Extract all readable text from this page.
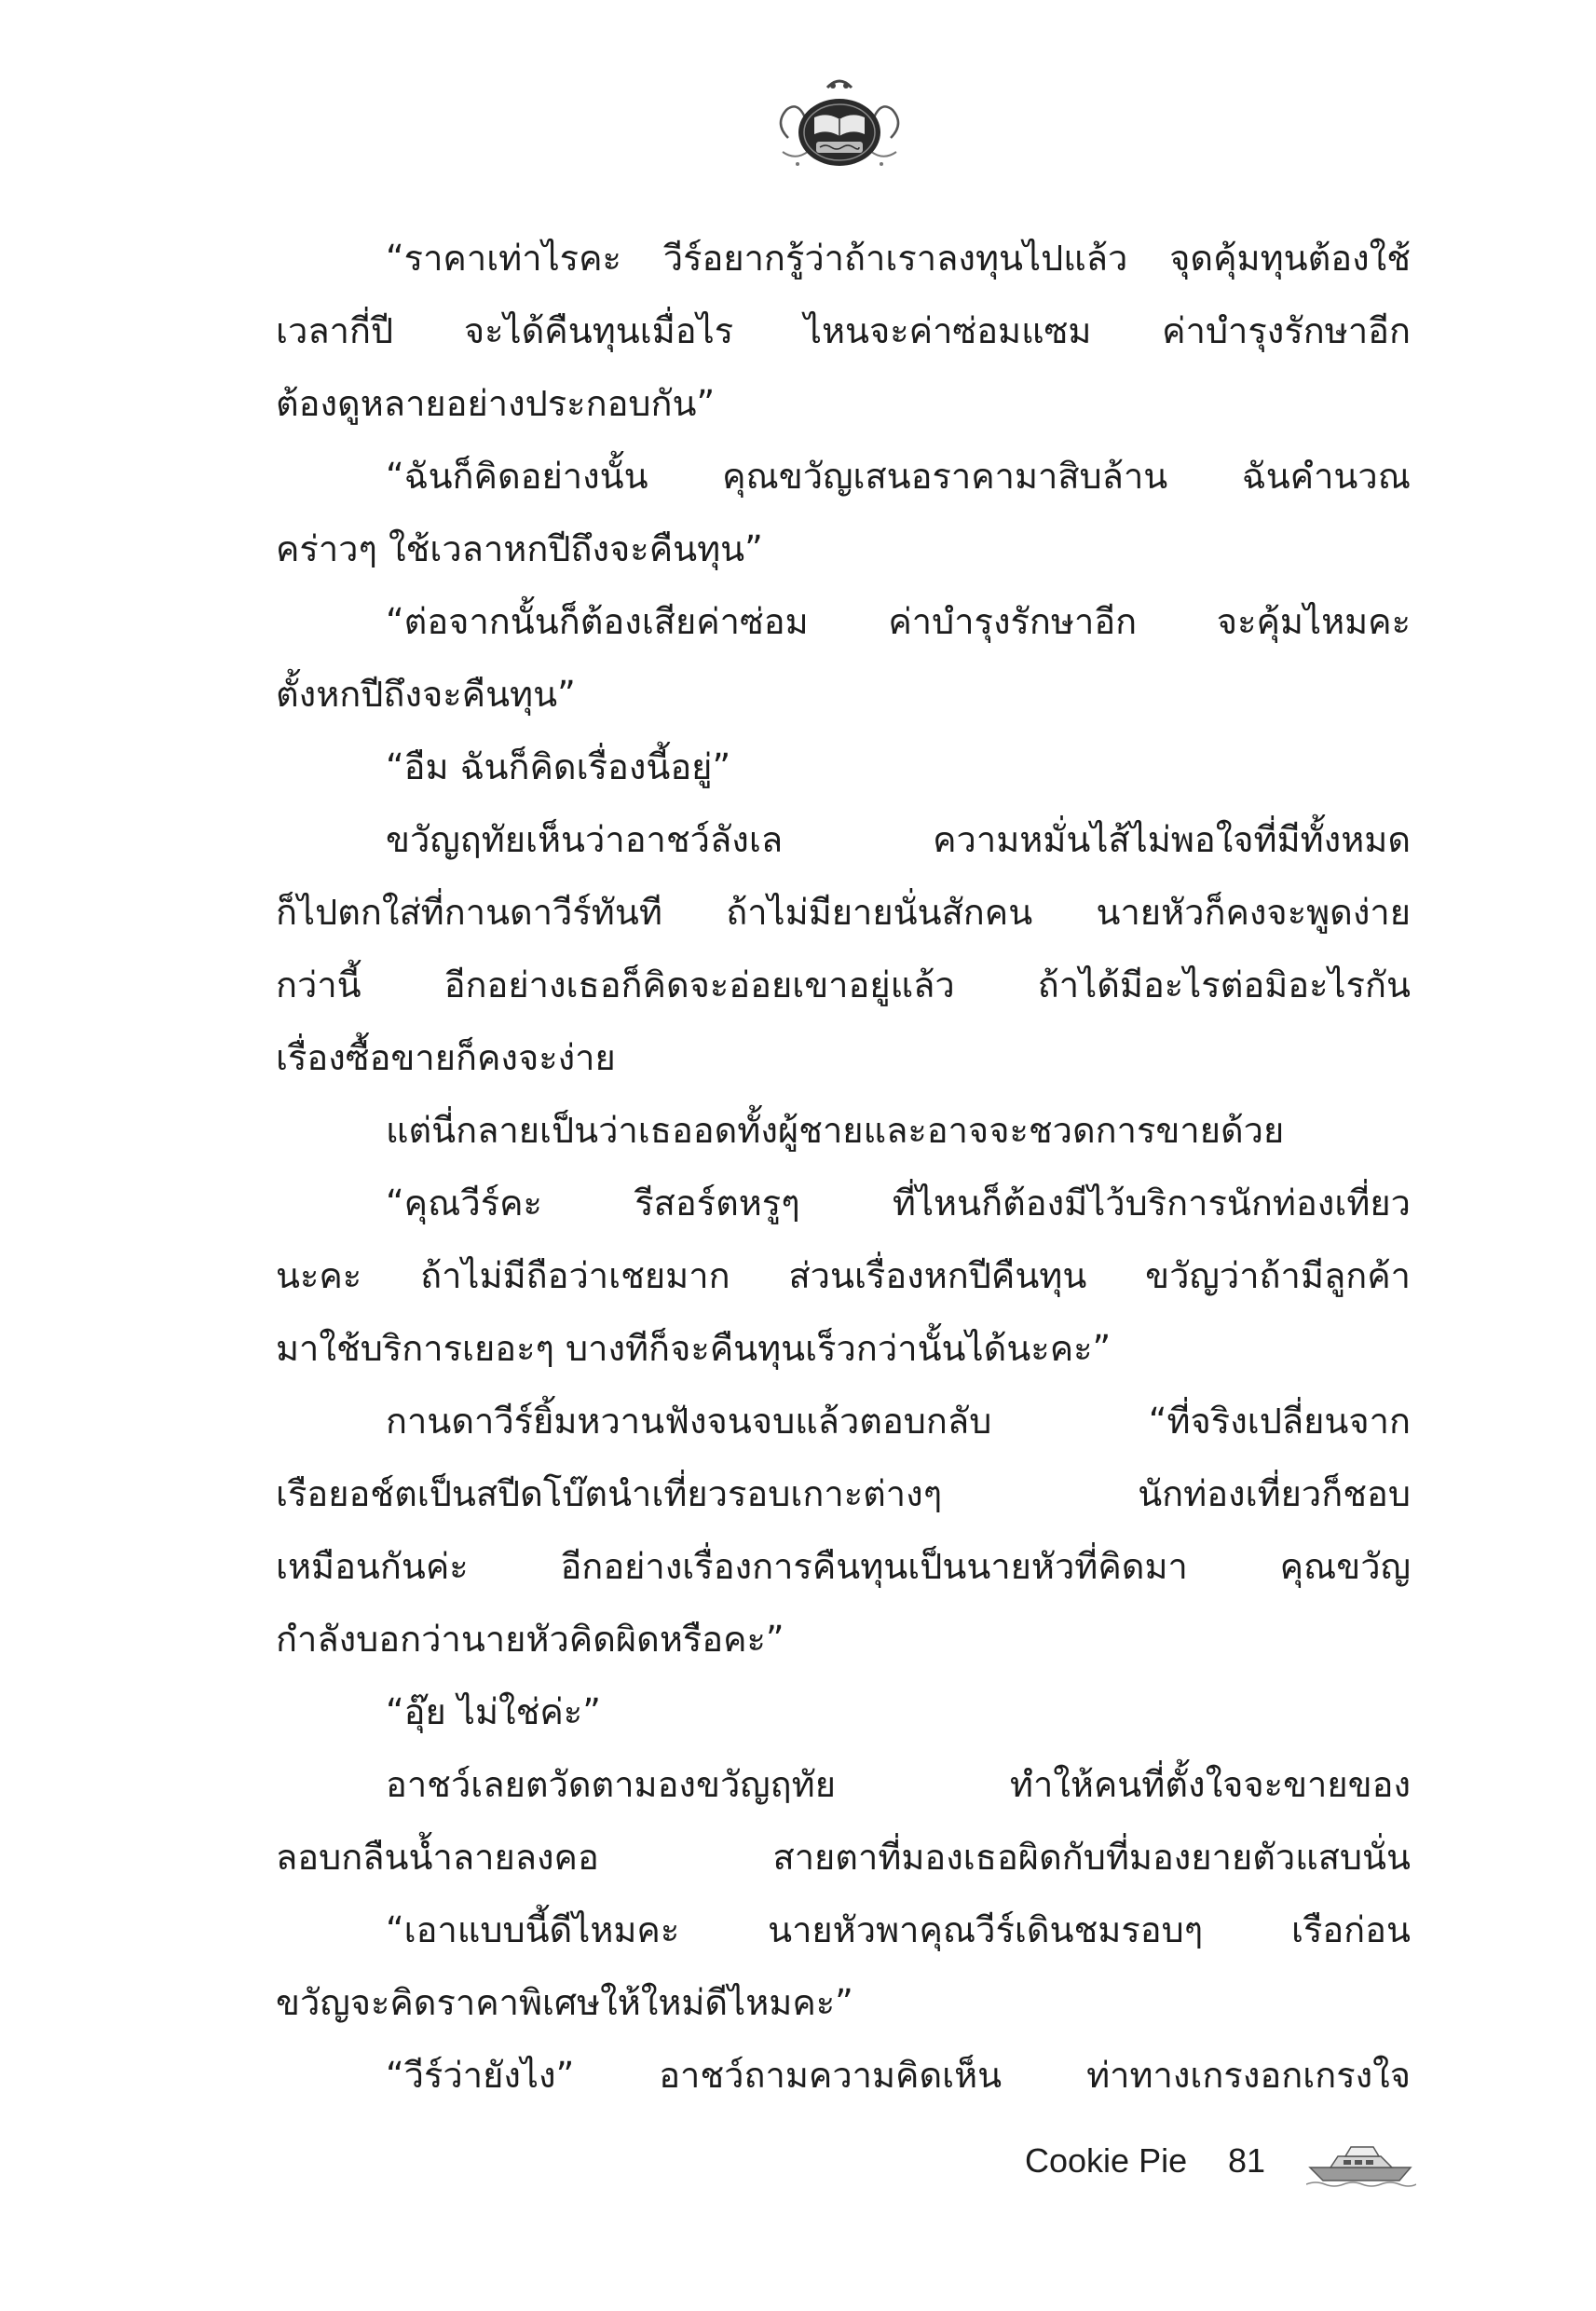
“ราคาเท่าไรคะ วีร์อยากรู้ว่าถ้าเราลงทุนไปแล้ว จุดคุ้มทุนต้องใช้
เวลากี่ปี จะได้คืนทุนเมื่อไร ไหนจะค่าซ่อมแซม ค่าบำรุงรักษาอีก
ต้องดูหลายอย่างประกอบกัน”
“ฉันก็คิดอย่างนั้น คุณขวัญเสนอราคามาสิบล้าน ฉันคำนวณ
คร่าวๆ ใช้เวลาหกปีถึงจะคืนทุน”
“ต่อจากนั้นก็ต้องเสียค่าซ่อม ค่าบำรุงรักษาอีก จะคุ้มไหมคะ
ตั้งหกปีถึงจะคืนทุน”
“อืม ฉันก็คิดเรื่องนี้อยู่”
ขวัญฤทัยเห็นว่าอาชว์ลังเล ความหมั่นไส้ไม่พอใจที่มีทั้งหมด
ก็ไปตกใส่ที่กานดาวีร์ทันที ถ้าไม่มียายนั่นสักคน นายหัวก็คงจะพูดง่าย
กว่านี้ อีกอย่างเธอก็คิดจะอ่อยเขาอยู่แล้ว ถ้าได้มีอะไรต่อมิอะไรกัน
เรื่องซื้อขายก็คงจะง่าย
แต่นี่กลายเป็นว่าเธออดทั้งผู้ชายและอาจจะชวดการขายด้วย
“คุณวีร์คะ รีสอร์ตหรูๆ ที่ไหนก็ต้องมีไว้บริการนักท่องเที่ยว
นะคะ ถ้าไม่มีถือว่าเชยมาก ส่วนเรื่องหกปีคืนทุน ขวัญว่าถ้ามีลูกค้า
มาใช้บริการเยอะๆ บางทีก็จะคืนทุนเร็วกว่านั้นได้นะคะ”
กานดาวีร์ยิ้มหวานฟังจนจบแล้วตอบกลับ “ที่จริงเปลี่ยนจาก
เรือยอช์ตเป็นสปีดโบ๊ตนำเที่ยวรอบเกาะต่างๆ นักท่องเที่ยวก็ชอบ
เหมือนกันค่ะ อีกอย่างเรื่องการคืนทุนเป็นนายหัวที่คิดมา คุณขวัญ
กำลังบอกว่านายหัวคิดผิดหรือคะ”
“อุ๊ย ไม่ใช่ค่ะ”
อาชว์เลยตวัดตามองขวัญฤทัย ทำให้คนที่ตั้งใจจะขายของ
ลอบกลืนน้ำลายลงคอ สายตาที่มองเธอผิดกับที่มองยายตัวแสบนั่น
“เอาแบบนี้ดีไหมคะ นายหัวพาคุณวีร์เดินชมรอบๆ เรือก่อน
ขวัญจะคิดราคาพิเศษให้ใหม่ดีไหมคะ”
“วีร์ว่ายังไง” อาชว์ถามความคิดเห็น ท่าทางเกรงอกเกรงใจ
Cookie Pie 81
